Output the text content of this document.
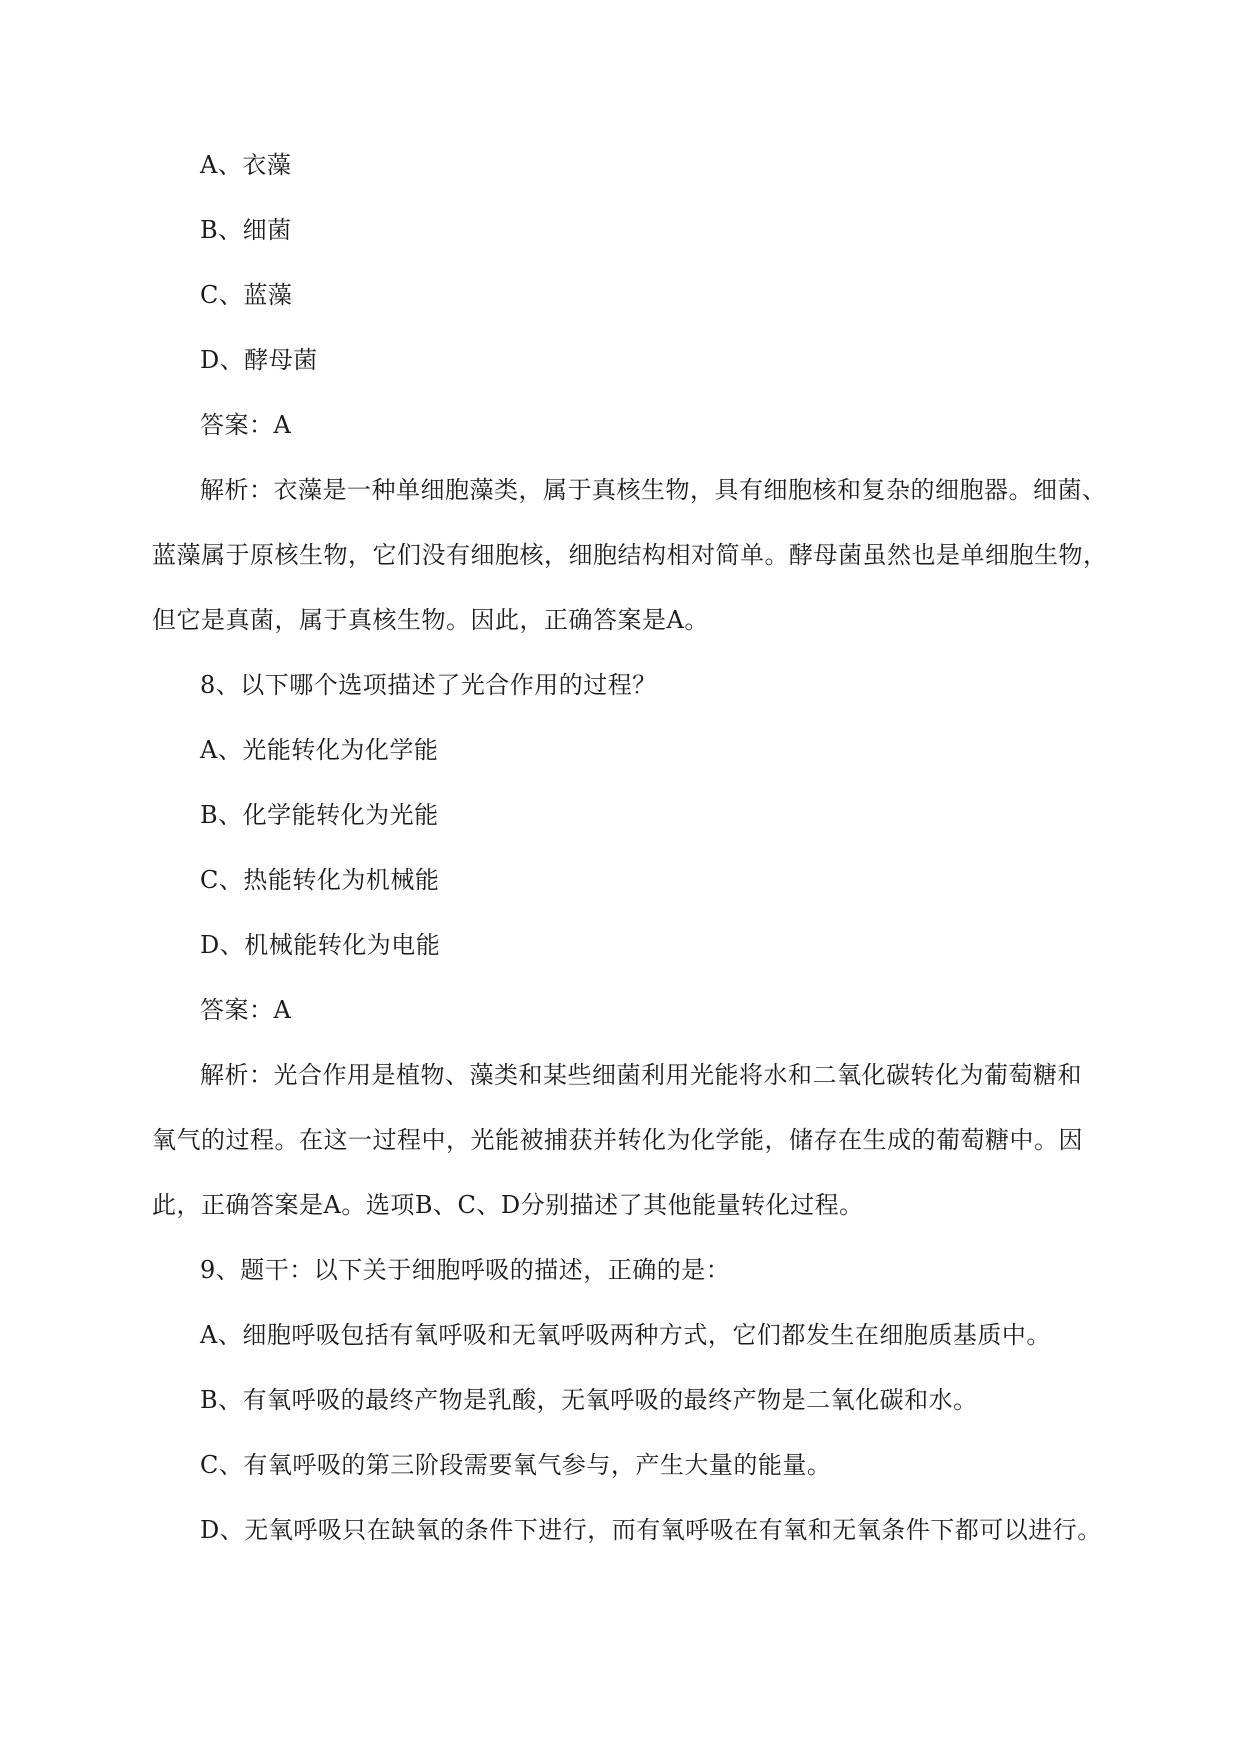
A、衣藻
B、细菌
C、蓝藻
D、酵母菌
答案：A
解析：衣藻是一种单细胞藻类，属于真核生物，具有细胞核和复杂的细胞器。细菌、
蓝藻属于原核生物，它们没有细胞核，细胞结构相对简单。酵母菌虽然也是单细胞生物，
但它是真菌，属于真核生物。因此，正确答案是A。
8、以下哪个选项描述了光合作用的过程？
A、光能转化为化学能
B、化学能转化为光能
C、热能转化为机械能
D、机械能转化为电能
答案：A
解析：光合作用是植物、藻类和某些细菌利用光能将水和二氧化碳转化为葡萄糖和
氧气的过程。在这一过程中，光能被捕获并转化为化学能，储存在生成的葡萄糖中。因
此，正确答案是A。选项B、C、D分别描述了其他能量转化过程。
9、题干：以下关于细胞呼吸的描述，正确的是：
A、细胞呼吸包括有氧呼吸和无氧呼吸两种方式，它们都发生在细胞质基质中。
B、有氧呼吸的最终产物是乳酸，无氧呼吸的最终产物是二氧化碳和水。
C、有氧呼吸的第三阶段需要氧气参与，产生大量的能量。
D、无氧呼吸只在缺氧的条件下进行，而有氧呼吸在有氧和无氧条件下都可以进行。
